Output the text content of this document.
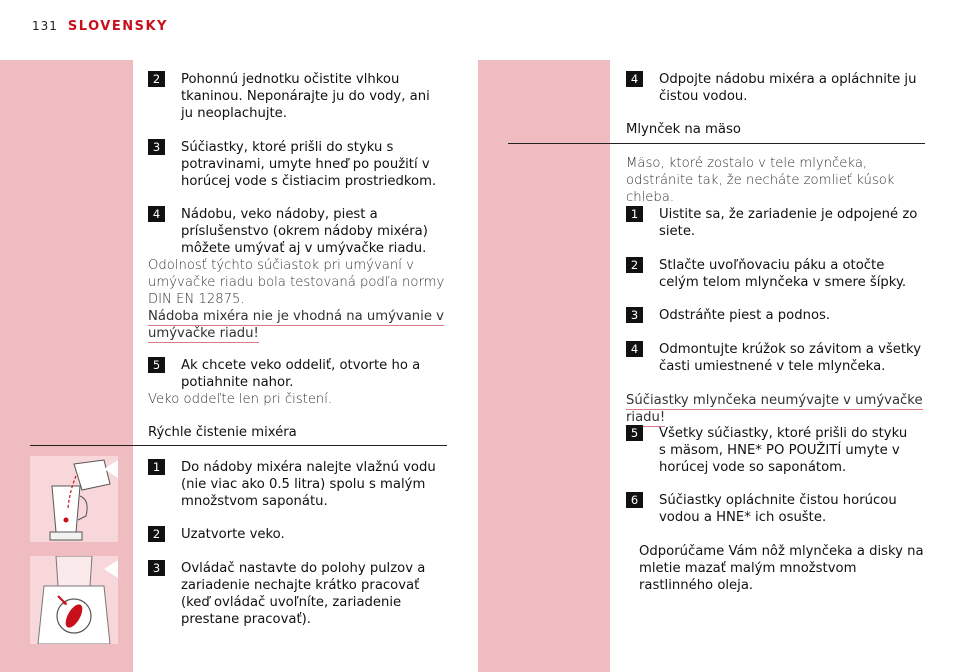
131 SLOVENSKY
2	Pohonnú jednotku očistite vlhkou tkaninou. Neponárajte ju do vody, ani ju neoplachujte.
3	Súčiastky, ktoré prišli do styku s potravinami, umyte hneď po použití v horúcej vode s čistiacim prostriedkom.
4	Nádobu, veko nádoby, piest a príslušenstvo (okrem nádoby mixéra) môžete umývať aj v umývačke riadu.
Odolnosť týchto súčiastok pri umývaní v umývačke riadu bola testovaná podľa normy DIN EN 12875.
Nádoba mixéra nie je vhodná na umývanie v
umývačke riadu!
5	Ak chcete veko oddeliť, otvorte ho a potiahnite nahor.
Veko oddeľte len pri čistení.
Rýchle čistenie mixéra
1	Do nádoby mixéra nalejte vlažnú vodu (nie viac ako 0.5 litra) spolu s malým množstvom saponátu.
2	Uzatvorte veko.
3	Ovládač nastavte do polohy pulzov a zariadenie nechajte krátko pracovať (keď ovládač uvoľníte, zariadenie prestane pracovať).
4	Odpojte nádobu mixéra a opláchnite ju čistou vodou.
Mlynček na mäso
Mäso, ktoré zostalo v tele mlynčeka, odstránite tak, že necháte zomlieť kúsok chleba.
1	Uistite sa, že zariadenie je odpojené zo siete.
2	Stlačte uvoľňovaciu páku a otočte celým telom mlynčeka v smere šípky.
3	Odstráňte piest a podnos.
4	Odmontujte krúžok so závitom a všetky časti umiestnené v tele mlynčeka.
Súčiastky mlynčeka neumývajte v umývačke riadu!
5	Všetky súčiastky, ktoré prišli do styku s mäsom, HNE* PO POUŽITÍ umyte v horúcej vode so saponátom.
6	Súčiastky opláchnite čistou horúcou vodou a HNE* ich osušte.
Odporúčame Vám nôž mlynčeka a disky na mletie mazať malým množstvom rastlinného oleja.
